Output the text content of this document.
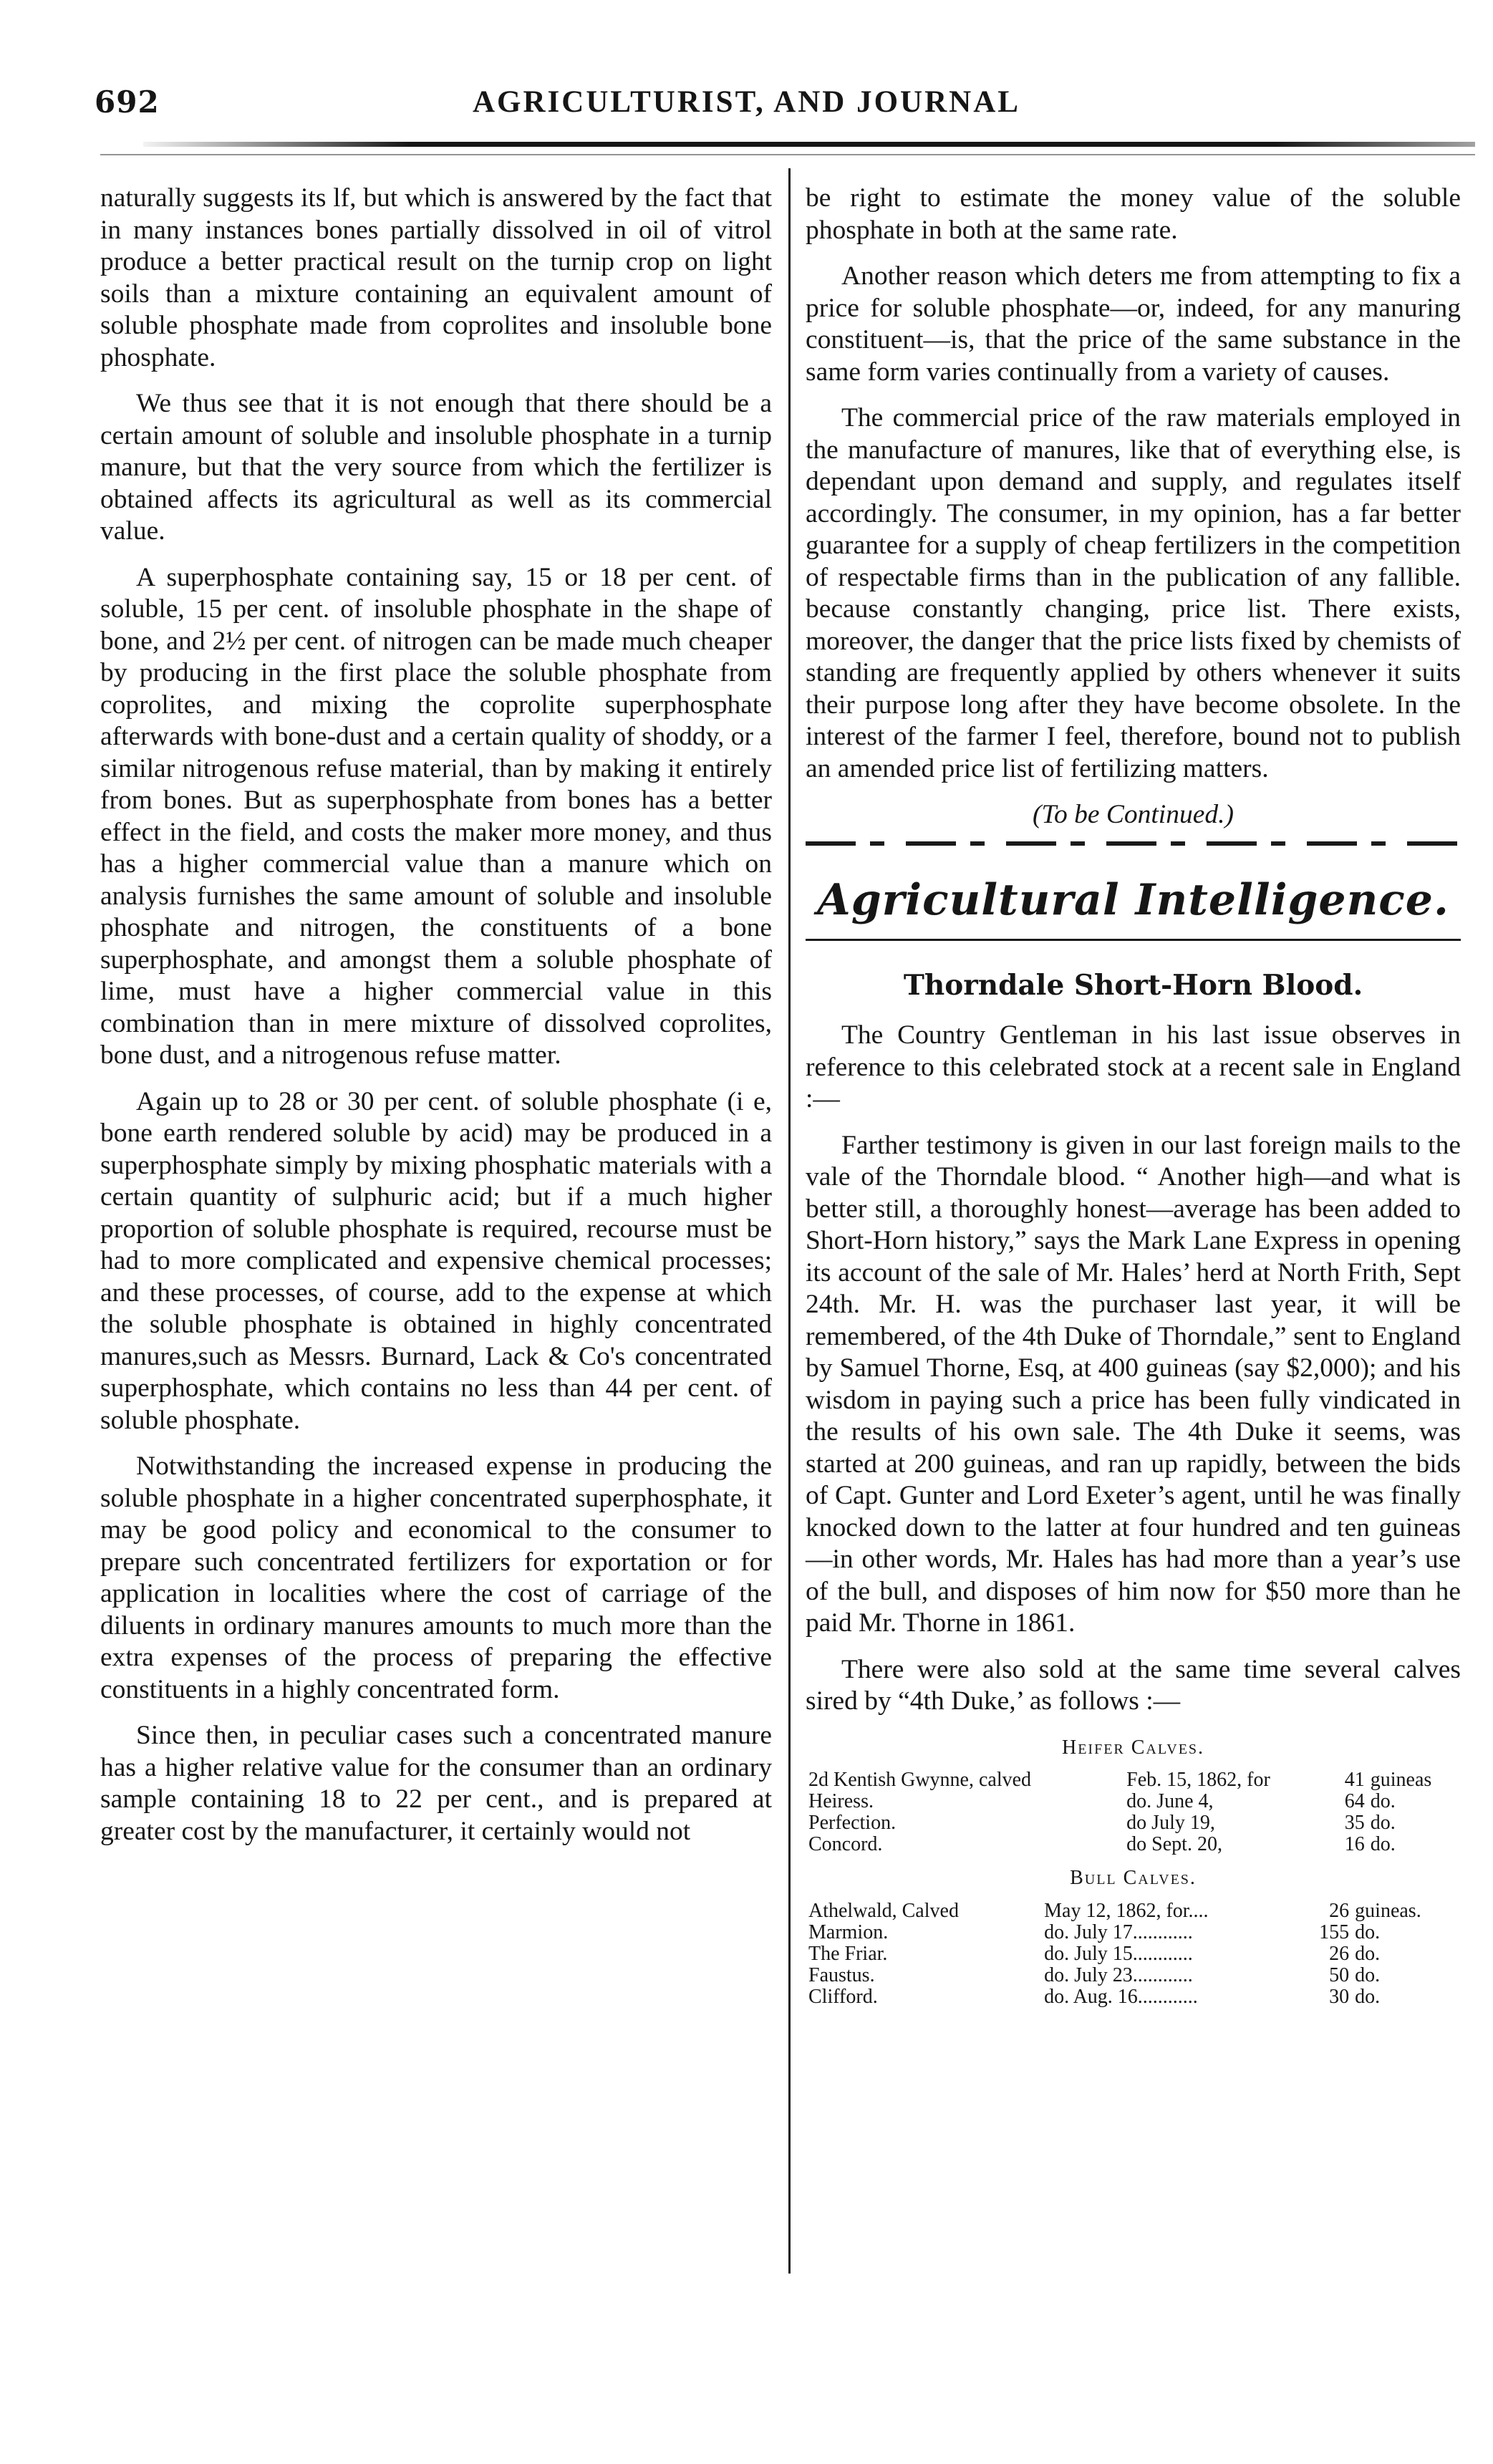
692	AGRICULTURIST, AND JOURNAL

naturally suggests its lf, but which is answered by the fact that in many instances bones partially dissolved in oil of vitrol produce a better practical result on the turnip crop on light soils than a mixture containing an equivalent amount of soluble phosphate made from coprolites and insoluble bone phosphate.

We thus see that it is not enough that there should be a certain amount of soluble and insoluble phosphate in a turnip manure, but that the very source from which the fertilizer is obtained affects its agricultural as well as its commercial value.

A superphosphate containing say, 15 or 18 per cent. of soluble, 15 per cent. of insoluble phosphate in the shape of bone, and 2½ per cent. of nitrogen can be made much cheaper by producing in the first place the soluble phosphate from coprolites, and mixing the coprolite superphosphate afterwards with bone-dust and a certain quality of shoddy, or a similar nitrogenous refuse material, than by making it entirely from bones. But as superphosphate from bones has a better effect in the field, and costs the maker more money, and thus has a higher commercial value than a manure which on analysis furnishes the same amount of soluble and insoluble phosphate and nitrogen, the constituents of a bone superphosphate, and amongst them a soluble phosphate of lime, must have a higher commercial value in this combination than in mere mixture of dissolved coprolites, bone dust, and a nitrogenous refuse matter.

Again up to 28 or 30 per cent. of soluble phosphate (i e, bone earth rendered soluble by acid) may be produced in a superphosphate simply by mixing phosphatic materials with a certain quantity of sulphuric acid; but if a much higher proportion of soluble phosphate is required, recourse must be had to more complicated and expensive chemical processes; and these processes, of course, add to the expense at which the soluble phosphate is obtained in highly concentrated manures,such as Messrs. Burnard, Lack & Co's concentrated superphosphate, which contains no less than 44 per cent. of soluble phosphate.

Notwithstanding the increased expense in producing the soluble phosphate in a higher concentrated superphosphate, it may be good policy and economical to the consumer to prepare such concentrated fertilizers for exportation or for application in localities where the cost of carriage of the diluents in ordinary manures amounts to much more than the extra expenses of the process of preparing the effective constituents in a highly concentrated form.

Since then, in peculiar cases such a concentrated manure has a higher relative value for the consumer than an ordinary sample containing 18 to 22 per cent., and is prepared at greater cost by the manufacturer, it certainly would not

be right to estimate the money value of the soluble phosphate in both at the same rate.

Another reason which deters me from attempting to fix a price for soluble phosphate—or, indeed, for any manuring constituent—is, that the price of the same substance in the same form varies continually from a variety of causes.

The commercial price of the raw materials employed in the manufacture of manures, like that of everything else, is dependant upon demand and supply, and regulates itself accordingly. The consumer, in my opinion, has a far better guarantee for a supply of cheap fertilizers in the competition of respectable firms than in the publication of any fallible. because constantly changing, price list. There exists, moreover, the danger that the price lists fixed by chemists of standing are frequently applied by others whenever it suits their purpose long after they have become obsolete. In the interest of the farmer I feel, therefore, bound not to publish an amended price list of fertilizing matters.

(To be Continued.)
Agricultural Intelligence.
Thorndale Short-Horn Blood.

The Country Gentleman in his last issue observes in reference to this celebrated stock at a recent sale in England :—

Farther testimony is given in our last foreign mails to the vale of the Thorndale blood. “ Another high—and what is better still, a thoroughly honest—average has been added to Short-Horn history,” says the Mark Lane Express in opening its account of the sale of Mr. Hales’ herd at North Frith, Sept 24th. Mr. H. was the purchaser last year, it will be remembered, of the 4th Duke of Thorndale,” sent to England by Samuel Thorne, Esq, at 400 guineas (say $2,000); and his wisdom in paying such a price has been fully vindicated in the results of his own sale. The 4th Duke it seems, was started at 200 guineas, and ran up rapidly, between the bids of Capt. Gunter and Lord Exeter’s agent, until he was finally knocked down to the latter at four hundred and ten guineas—in other words, Mr. Hales has had more than a year’s use of the bull, and disposes of him now for $50 more than he paid Mr. Thorne in 1861.

There were also sold at the same time several calves sired by “4th Duke,’ as follows :—

Heifer Calves.
2d Kentish Gwynne, calved	Feb. 15, 1862, for	41	guineas
Heiress.	do. June 4,	64	do.
Perfection.	do July 19,	35	do.
Concord.	do Sept. 20,	16	do.
Bull Calves.
Athelwald, Calved	May 12, 1862, for....	26	guineas.
Marmion.	do. July 17............	155	do.
The Friar.	do. July 15............	26	do.
Faustus.	do. July 23............	50	do.
Clifford.	do. Aug. 16............	30	do.
